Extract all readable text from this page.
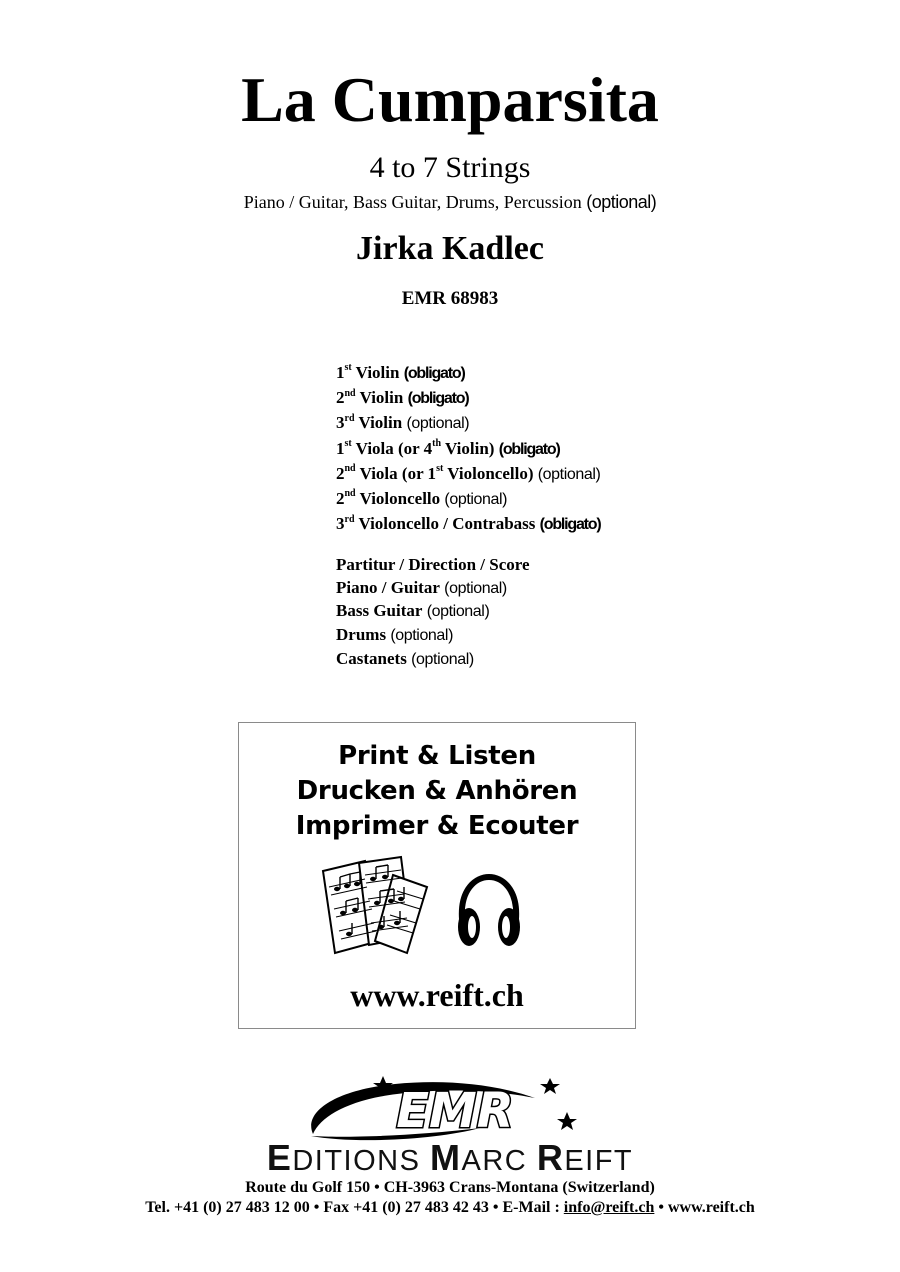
La Cumparsita
4 to 7 Strings
Piano / Guitar, Bass Guitar, Drums, Percussion (optional)
Jirka Kadlec
EMR 68983
1st Violin (obligato)
2nd Violin (obligato)
3rd Violin (optional)
1st Viola (or 4th Violin) (obligato)
2nd Viola (or 1st Violoncello) (optional)
2nd Violoncello (optional)
3rd Violoncello / Contrabass (obligato)
Partitur / Direction / Score
Piano / Guitar (optional)
Bass Guitar (optional)
Drums (optional)
Castanets (optional)
Print & Listen
Drucken & Anhören
Imprimer & Ecouter
www.reift.ch
EMR
EDITIONS MARC REIFT
Route du Golf 150 • CH-3963 Crans-Montana (Switzerland)
Tel. +41 (0) 27 483 12 00 • Fax +41 (0) 27 483 42 43 • E-Mail : info@reift.ch • www.reift.ch
